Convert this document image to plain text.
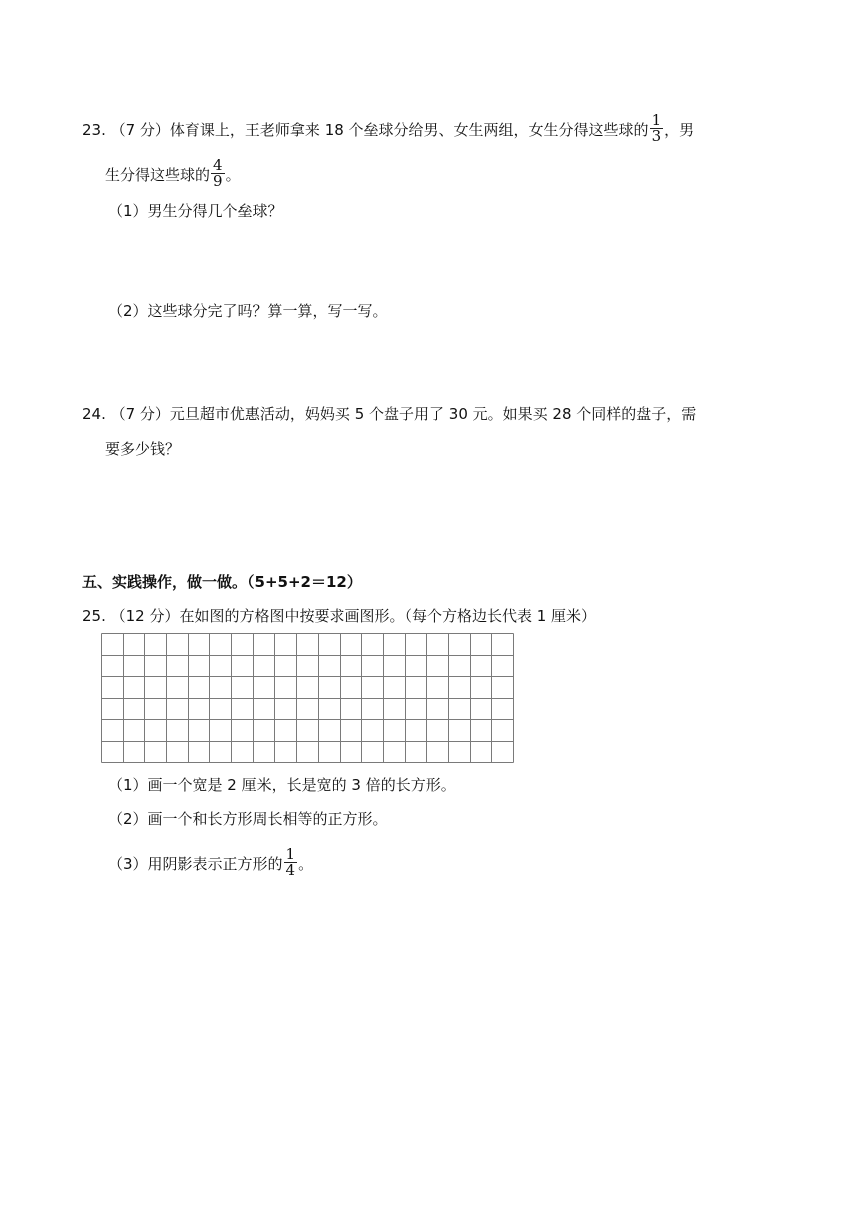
23. （7 分）体育课上，王老师拿来 18 个垒球分给男、女生两组，女生分得这些球的 $\frac{1}{3}$ ，男
生分得这些球的 $\frac{4}{9}$ 。
（1）男生分得几个垒球？
（2）这些球分完了吗？算一算，写一写。
24. （7 分）元旦超市优惠活动，妈妈买 5 个盘子用了 30 元。如果买 28 个同样的盘子，需
要多少钱？
五、实践操作，做一做。（5+5+2＝12）
25. （12 分）在如图的方格图中按要求画图形。（每个方格边长代表 1 厘米）
（1）画一个宽是 2 厘米，长是宽的 3 倍的长方形。
（2）画一个和长方形周长相等的正方形。
（3）用阴影表示正方形的 $\frac{1}{4}$ 。
